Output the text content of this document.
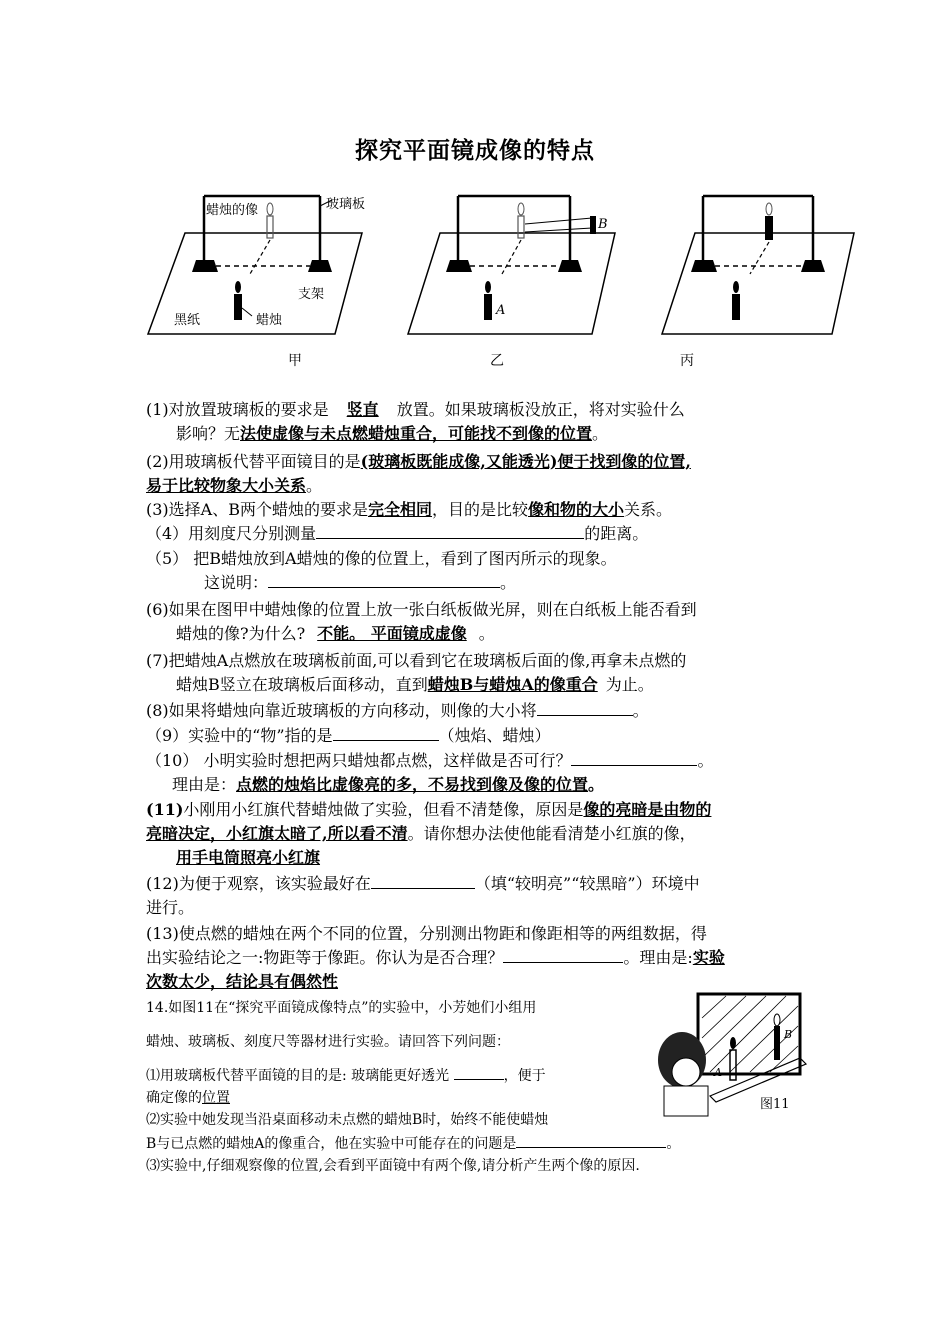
探究平面镜成像的特点
蜡烛的像	玻璃板
支架
黑纸	蜡烛
B
A
甲	乙	丙
(1)对放置玻璃板的要求是 竖直 放置。如果玻璃板没放正，将对实验什么
影响？无法使虚像与未点燃蜡烛重合，可能找不到像的位置。
(2)用玻璃板代替平面镜目的是(玻璃板既能成像,又能透光)便于找到像的位置,
易于比较物象大小关系。
(3)选择A、B两个蜡烛的要求是完全相同，目的是比较像和物的大小关系。
（4）用刻度尺分别测量	的距离。
（5） 把B蜡烛放到A蜡烛的像的位置上，看到了图丙所示的现象。
这说明：	。
(6)如果在图甲中蜡烛像的位置上放一张白纸板做光屏，则在白纸板上能否看到
蜡烛的像?为什么? 不能。 平面镜成虚像 。
(7)把蜡烛A点燃放在玻璃板前面,可以看到它在玻璃板后面的像,再拿未点燃的
蜡烛B竖立在玻璃板后面移动，直到蜡烛B与蜡烛A的像重合 为止。
(8)如果将蜡烛向靠近玻璃板的方向移动，则像的大小将	。
（9）实验中的“物”指的是	（烛焰、蜡烛）
（10） 小明实验时想把两只蜡烛都点燃，这样做是否可行？	。
理由是：点燃的烛焰比虚像亮的多，不易找到像及像的位置。
(11)小刚用小红旗代替蜡烛做了实验，但看不清楚像，原因是像的亮暗是由物的
亮暗决定，小红旗太暗了,所以看不清。请你想办法使他能看清楚小红旗的像，
用手电筒照亮小红旗
(12)为便于观察，该实验最好在	（填“较明亮”“较黑暗”）环境中
进行。
(13)使点燃的蜡烛在两个不同的位置，分别测出物距和像距相等的两组数据，得
出实验结论之一:物距等于像距。你认为是否合理？	。理由是:实验
次数太少，结论具有偶然性
14.如图11在“探究平面镜成像特点”的实验中，小芳她们小组用
蜡烛、玻璃板、刻度尺等器材进行实验。请回答下列问题：
⑴用玻璃板代替平面镜的目的是: 玻璃能更好透光	，便于
确定像的位置
⑵实验中她发现当沿桌面移动未点燃的蜡烛B时，始终不能使蜡烛
B与已点燃的蜡烛A的像重合，他在实验中可能存在的问题是	。
⑶实验中,仔细观察像的位置,会看到平面镜中有两个像,请分析产生两个像的原因.
B
A
图11
